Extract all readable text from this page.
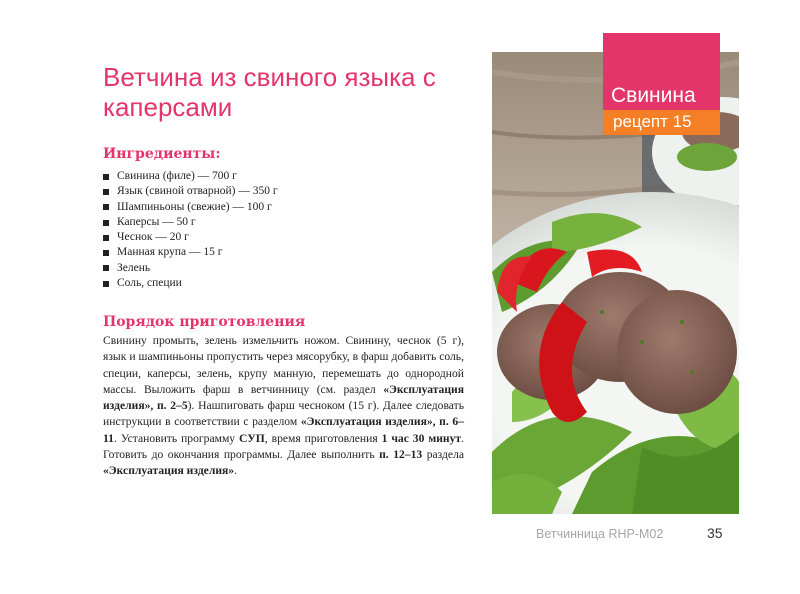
Ветчина из свиного языка с каперсами
Ингредиенты:
Свинина (филе) — 700 г
Язык (свиной отварной) — 350 г
Шампиньоны (свежие) — 100 г
Каперсы — 50 г
Чеснок — 20 г
Манная крупа — 15 г
Зелень
Соль, специи
Порядок приготовления

Свинину промыть, зелень измельчить ножом. Свинину, чеснок (5 г), язык и шампиньоны пропустить через мясорубку, в фарш добавить соль, специи, каперсы, зелень, крупу манную, перемешать до однородной массы. Выложить фарш в ветчинницу (см. раздел «Эксплуатация изделия», п. 2–5). Нашпиговать фарш чесноком (15 г). Далее следовать инструкции в соответствии с разделом «Эксплуатация изделия», п. 6–11. Установить программу СУП, время приготовления 1 час 30 минут. Готовить до окончания программы. Далее выполнить п. 12–13 раздела «Эксплуатация изделия».

Свинина
рецепт 15
Ветчинница RHP-M02	35
